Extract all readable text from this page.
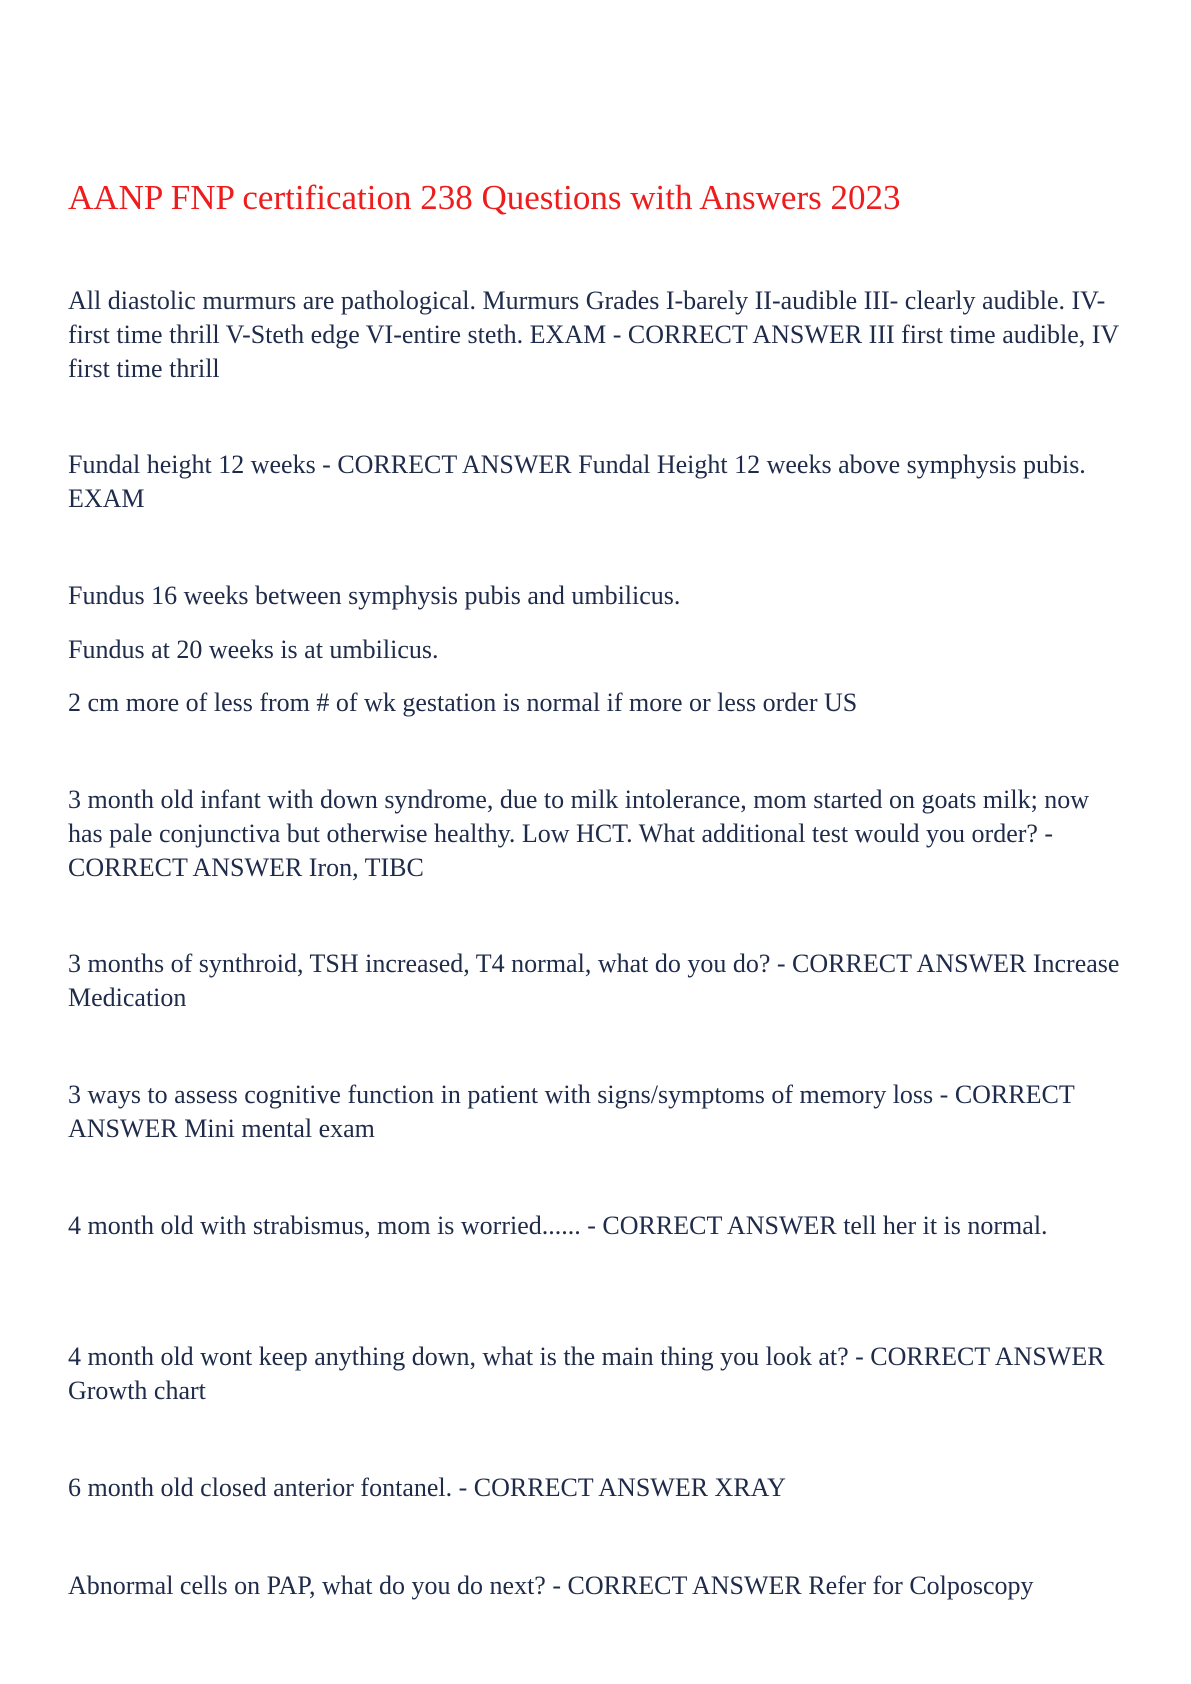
AANP FNP certification 238 Questions with Answers 2023

All diastolic murmurs are pathological. Murmurs Grades I-barely II-audible III- clearly audible. IV- first time thrill V-Steth edge VI-entire steth. EXAM - CORRECT ANSWER III first time audible, IV first time thrill

Fundal height 12 weeks - CORRECT ANSWER Fundal Height 12 weeks above symphysis pubis. EXAM

Fundus 16 weeks between symphysis pubis and umbilicus.

Fundus at 20 weeks is at umbilicus.

2 cm more of less from # of wk gestation is normal if more or less order US

3 month old infant with down syndrome, due to milk intolerance, mom started on goats milk; now has pale conjunctiva but otherwise healthy. Low HCT. What additional test would you order? - CORRECT ANSWER Iron, TIBC

3 months of synthroid, TSH increased, T4 normal, what do you do? - CORRECT ANSWER Increase Medication

3 ways to assess cognitive function in patient with signs/symptoms of memory loss - CORRECT ANSWER Mini mental exam

4 month old with strabismus, mom is worried...... - CORRECT ANSWER tell her it is normal.

4 month old wont keep anything down, what is the main thing you look at? - CORRECT ANSWER Growth chart

6 month old closed anterior fontanel. - CORRECT ANSWER XRAY

Abnormal cells on PAP, what do you do next? - CORRECT ANSWER Refer for Colposcopy
